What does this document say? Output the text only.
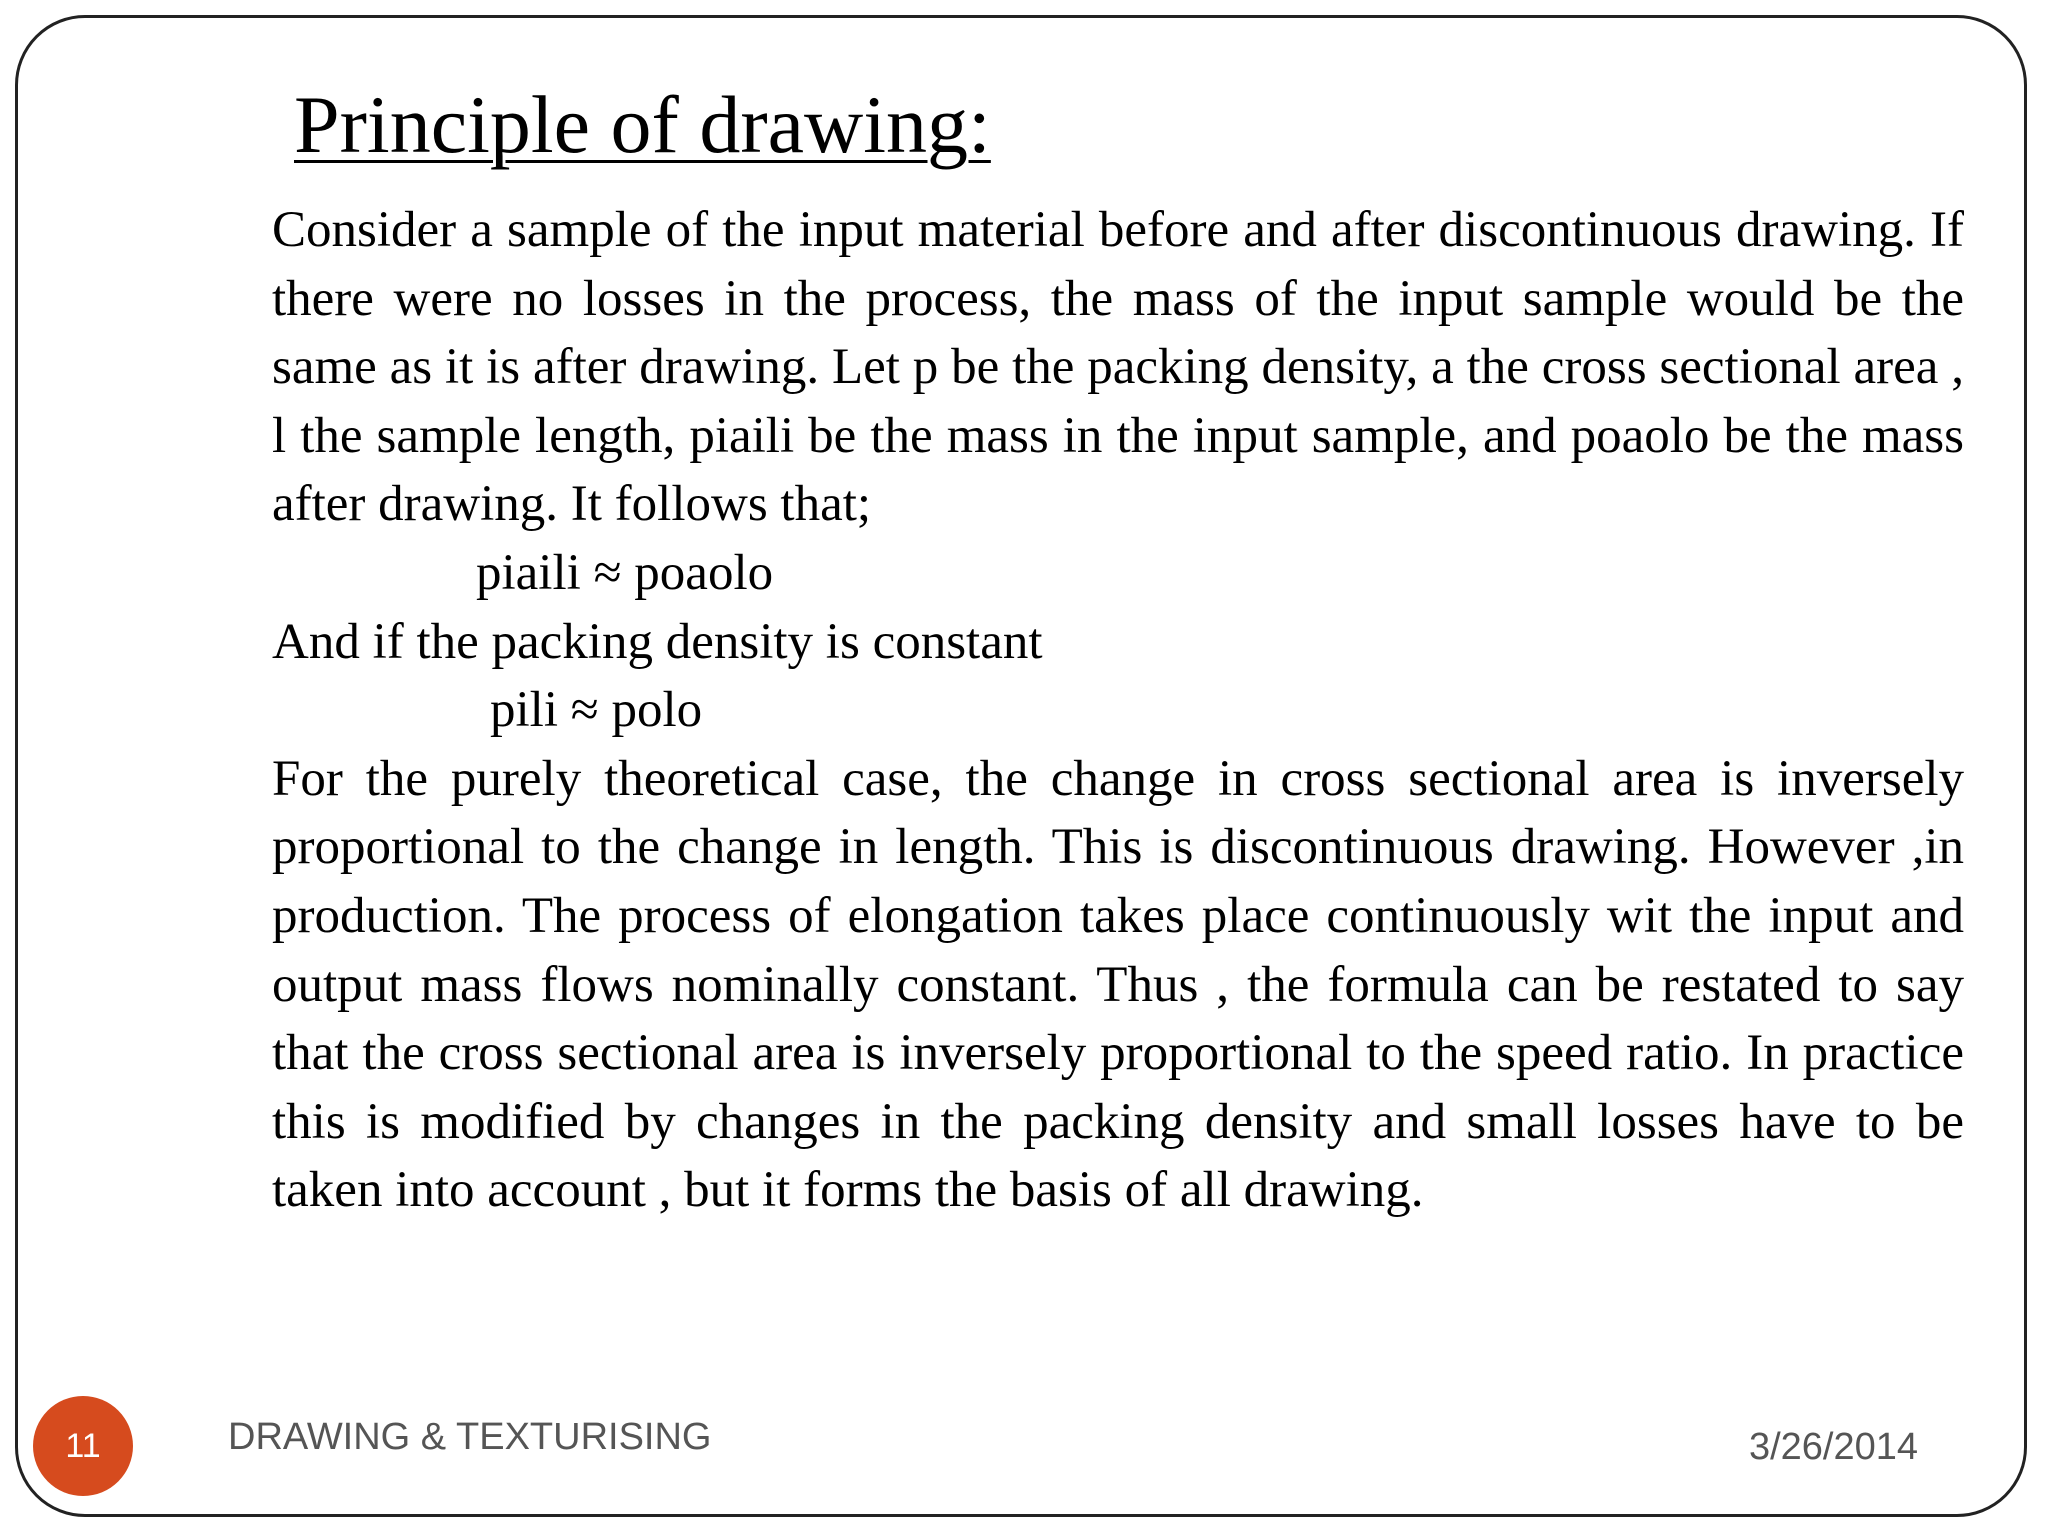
Principle of drawing:

Consider a sample of the input material before and after discontinuous drawing. If there were no losses in the process, the mass of the input sample would be the same as it is after drawing. Let p be the packing density, a the cross sectional area , l the sample length, piaili be the mass in the input sample, and poaolo be the mass after drawing. It follows that;

piaili ≈ poaolo

And if the packing density is constant

pili ≈ polo

For the purely theoretical case, the change in cross sectional area is inversely proportional to the change in length. This is discontinuous drawing. However ,in production. The process of elongation takes place continuously wit the input and output mass flows nominally constant. Thus , the formula can be restated to say that the cross sectional area is inversely proportional to the speed ratio. In practice this is modified by changes in the packing density and small losses have to be taken into account , but it forms the basis of all drawing.

11	DRAWING & TEXTURISING	3/26/2014
